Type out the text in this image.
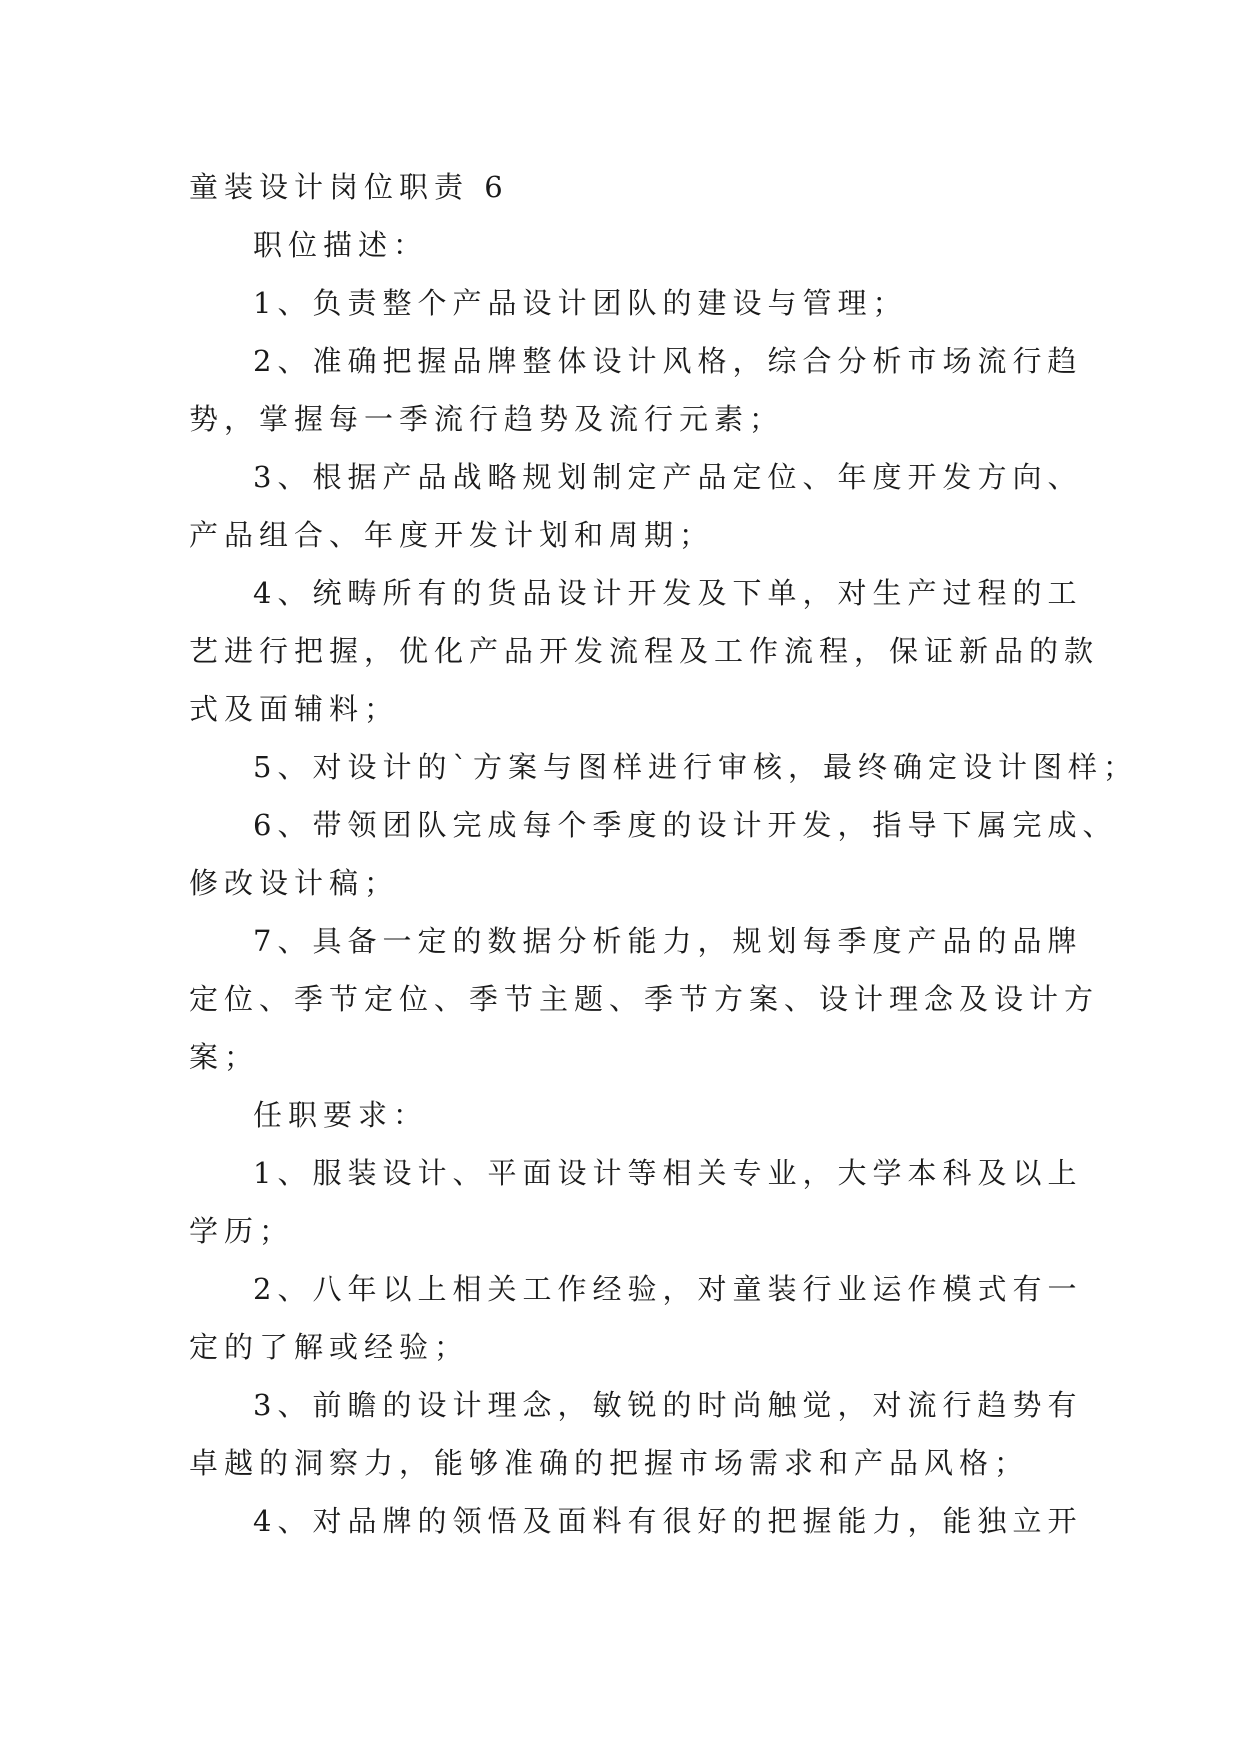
童装设计岗位职责 6
职位描述：
1、负责整个产品设计团队的建设与管理；
2、准确把握品牌整体设计风格，综合分析市场流行趋
势，掌握每一季流行趋势及流行元素；
3、根据产品战略规划制定产品定位、年度开发方向、
产品组合、年度开发计划和周期；
4、统畴所有的货品设计开发及下单，对生产过程的工
艺进行把握，优化产品开发流程及工作流程，保证新品的款
式及面辅料；
5、对设计的`方案与图样进行审核，最终确定设计图样；
6、带领团队完成每个季度的设计开发，指导下属完成、
修改设计稿；
7、具备一定的数据分析能力，规划每季度产品的品牌
定位、季节定位、季节主题、季节方案、设计理念及设计方
案；
任职要求：
1、服装设计、平面设计等相关专业，大学本科及以上
学历；
2、八年以上相关工作经验，对童装行业运作模式有一
定的了解或经验；
3、前瞻的设计理念，敏锐的时尚触觉，对流行趋势有
卓越的洞察力，能够准确的把握市场需求和产品风格；
4、对品牌的领悟及面料有很好的把握能力，能独立开
